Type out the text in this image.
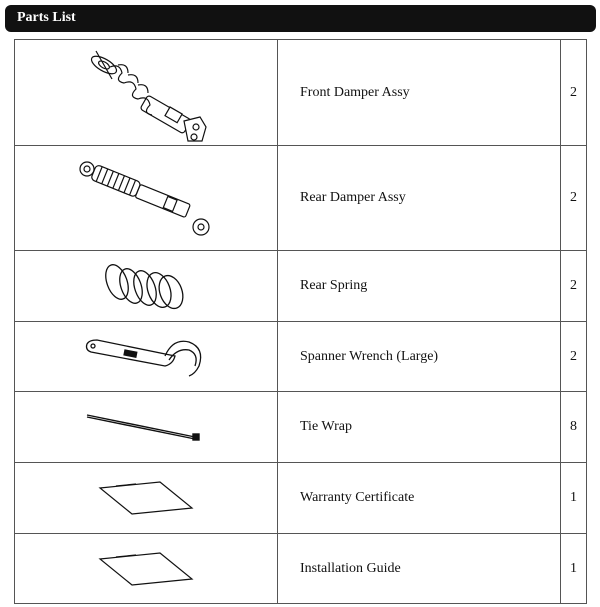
Parts List
	Front Damper Assy	2

	Rear Damper Assy	2

	Rear Spring	2

	Spanner Wrench (Large)	2

	Tie Wrap	8

	Warranty Certificate	1

	Installation Guide	1
